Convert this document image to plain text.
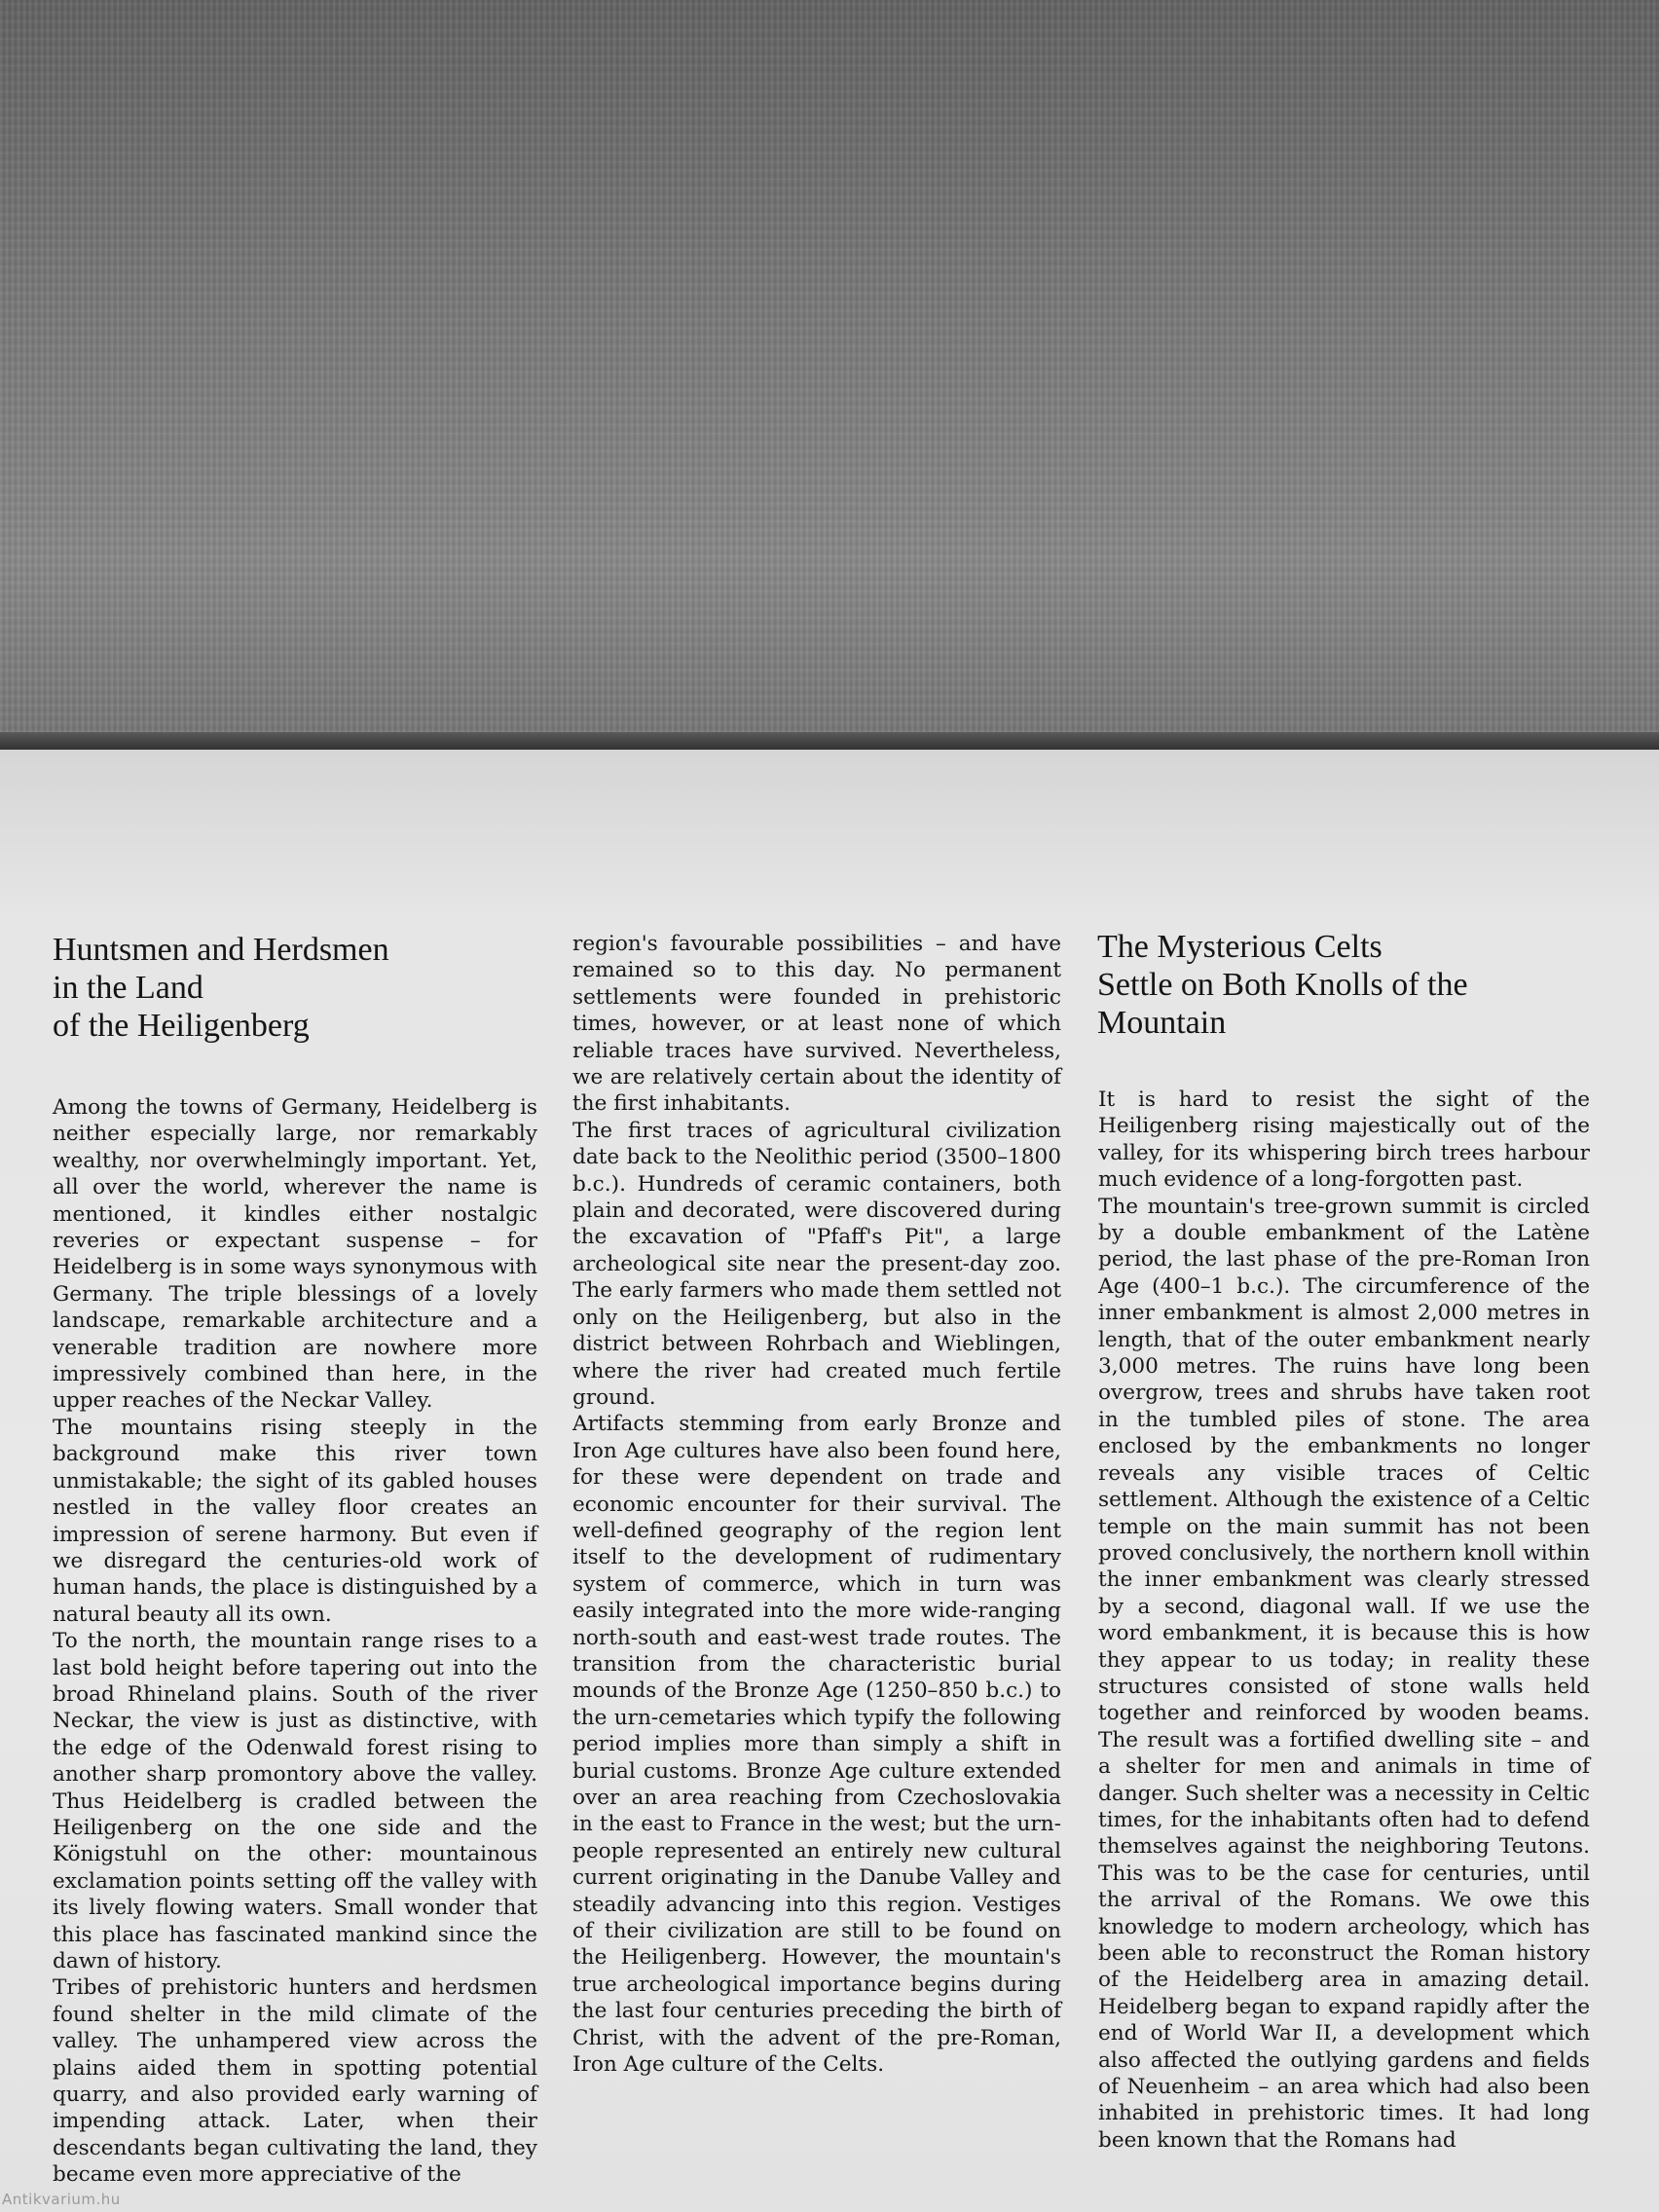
Huntsmen and Herdsmen
in the Land
of the Heiligenberg

Among the towns of Germany, Heidelberg is neither especially large, nor remarkably wealthy, nor overwhelmingly important. Yet, all over the world, wherever the name is mentioned, it kindles either nostalgic reveries or expectant suspense – for Heidelberg is in some ways synonymous with Germany. The triple blessings of a lovely landscape, remarkable architecture and a venerable tradition are nowhere more impressively combined than here, in the upper reaches of the Neckar Valley.

The mountains rising steeply in the background make this river town unmistakable; the sight of its gabled houses nestled in the valley floor creates an impression of serene harmony. But even if we disregard the centuries-old work of human hands, the place is distinguished by a natural beauty all its own.

To the north, the mountain range rises to a last bold height before tapering out into the broad Rhineland plains. South of the river Neckar, the view is just as distinctive, with the edge of the Odenwald forest rising to another sharp promontory above the valley. Thus Heidelberg is cradled between the Heiligenberg on the one side and the Königstuhl on the other: mountainous exclamation points setting off the valley with its lively flowing waters. Small wonder that this place has fascinated mankind since the dawn of history.

Tribes of prehistoric hunters and herdsmen found shelter in the mild climate of the valley. The unhampered view across the plains aided them in spotting potential quarry, and also provided early warning of impending attack. Later, when their descendants began cultivating the land, they became even more appreciative of the

region's favourable possibilities – and have remained so to this day. No permanent settlements were founded in prehistoric times, however, or at least none of which reliable traces have survived. Nevertheless, we are relatively certain about the identity of the first inhabitants.

The first traces of agricultural civilization date back to the Neolithic period (3500–1800 b.c.). Hundreds of ceramic containers, both plain and decorated, were discovered during the excavation of "Pfaff's Pit", a large archeological site near the present-day zoo. The early farmers who made them settled not only on the Heiligenberg, but also in the district between Rohrbach and Wieblingen, where the river had created much fertile ground.

Artifacts stemming from early Bronze and Iron Age cultures have also been found here, for these were dependent on trade and economic encounter for their survival. The well-defined geography of the region lent itself to the development of rudimentary system of commerce, which in turn was easily integrated into the more wide-ranging north-south and east-west trade routes. The transition from the characteristic burial mounds of the Bronze Age (1250–850 b.c.) to the urn-cemetaries which typify the following period implies more than simply a shift in burial customs. Bronze Age culture extended over an area reaching from Czechoslovakia in the east to France in the west; but the urn-people represented an entirely new cultural current originating in the Danube Valley and steadily advancing into this region. Vestiges of their civilization are still to be found on the Heiligenberg. However, the mountain's true archeological importance begins during the last four centuries preceding the birth of Christ, with the advent of the pre-Roman, Iron Age culture of the Celts.

The Mysterious Celts
Settle on Both Knolls of the
Mountain

It is hard to resist the sight of the Heiligenberg rising majestically out of the valley, for its whispering birch trees harbour much evidence of a long-forgotten past.

The mountain's tree-grown summit is circled by a double embankment of the Latène period, the last phase of the pre-Roman Iron Age (400–1 b.c.). The circumference of the inner embankment is almost 2,000 metres in length, that of the outer embankment nearly 3,000 metres. The ruins have long been overgrow, trees and shrubs have taken root in the tumbled piles of stone. The area enclosed by the embankments no longer reveals any visible traces of Celtic settlement. Although the existence of a Celtic temple on the main summit has not been proved conclusively, the northern knoll within the inner embankment was clearly stressed by a second, diagonal wall. If we use the word embankment, it is because this is how they appear to us today; in reality these structures consisted of stone walls held together and reinforced by wooden beams. The result was a fortified dwelling site – and a shelter for men and animals in time of danger. Such shelter was a necessity in Celtic times, for the inhabitants often had to defend themselves against the neighboring Teutons. This was to be the case for centuries, until the arrival of the Romans. We owe this knowledge to modern archeology, which has been able to reconstruct the Roman history of the Heidelberg area in amazing detail. Heidelberg began to expand rapidly after the end of World War II, a development which also affected the outlying gardens and fields of Neuenheim – an area which had also been inhabited in prehistoric times. It had long been known that the Romans had

Antikvarium.hu
